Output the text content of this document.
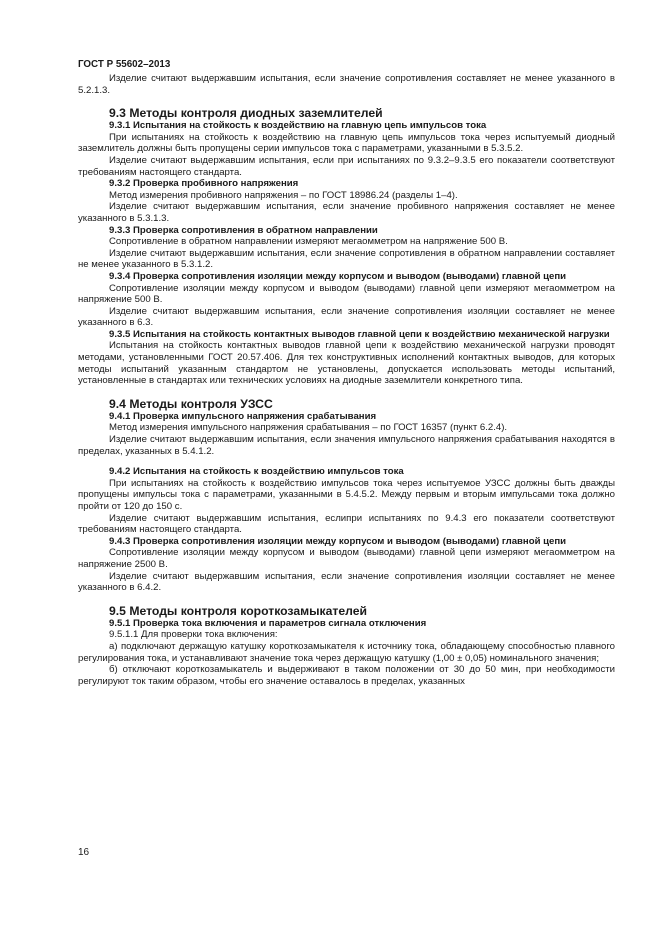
ГОСТ Р 55602–2013

Изделие считают выдержавшим испытания, если значение сопротивления составляет не менее указанного в 5.2.1.3.

9.3 Методы контроля диодных заземлителей

9.3.1 Испытания на стойкость к воздействию на главную цепь импульсов тока

При испытаниях на стойкость к воздействию на главную цепь импульсов тока через испытуемый диодный заземлитель должны быть пропущены серии импульсов тока с параметрами, указанными в 5.3.5.2.

Изделие считают выдержавшим испытания, если при испытаниях по 9.3.2–9.3.5 его показатели соответствуют требованиям настоящего стандарта.

9.3.2 Проверка пробивного напряжения

Метод измерения пробивного напряжения – по ГОСТ 18986.24 (разделы 1–4).

Изделие считают выдержавшим испытания, если значение пробивного напряжения составляет не менее указанного в 5.3.1.3.

9.3.3 Проверка сопротивления в обратном направлении

Сопротивление в обратном направлении измеряют мегаомметром на напряжение 500 В.

Изделие считают выдержавшим испытания, если значение сопротивления в обратном направлении составляет не менее указанного в 5.3.1.2.

9.3.4 Проверка сопротивления изоляции между корпусом и выводом (выводами) главной цепи

Сопротивление изоляции между корпусом и выводом (выводами) главной цепи измеряют мегаомметром на напряжение 500 В.

Изделие считают выдержавшим испытания, если значение сопротивления изоляции составляет не менее указанного в 6.3.

9.3.5 Испытания на стойкость контактных выводов главной цепи к воздействию механической нагрузки

Испытания на стойкость контактных выводов главной цепи к воздействию механической нагрузки проводят методами, установленными ГОСТ 20.57.406. Для тех конструктивных исполнений контактных выводов, для которых методы испытаний указанным стандартом не установлены, допускается использовать методы испытаний, установленные в стандартах или технических условиях на диодные заземлители конкретного типа.

9.4 Методы контроля УЗСС

9.4.1 Проверка импульсного напряжения срабатывания

Метод измерения импульсного напряжения срабатывания – по ГОСТ 16357 (пункт 6.2.4).

Изделие считают выдержавшим испытания, если значения импульсного напряжения срабатывания находятся в пределах, указанных в 5.4.1.2.

9.4.2 Испытания на стойкость к воздействию импульсов тока

При испытаниях на стойкость к воздействию импульсов тока через испытуемое УЗСС должны быть дважды пропущены импульсы тока с параметрами, указанными в 5.4.5.2. Между первым и вторым импульсами тока должно пройти от 120 до 150 с.

Изделие считают выдержавшим испытания, еслипри испытаниях по 9.4.3 его показатели соответствуют требованиям настоящего стандарта.

9.4.3 Проверка сопротивления изоляции между корпусом и выводом (выводами) главной цепи

Сопротивление изоляции между корпусом и выводом (выводами) главной цепи измеряют мегаомметром на напряжение 2500 В.

Изделие считают выдержавшим испытания, если значение сопротивления изоляции составляет не менее указанного в 6.4.2.

9.5 Методы контроля короткозамыкателей

9.5.1 Проверка тока включения и параметров сигнала отключения

9.5.1.1 Для проверки тока включения:

а) подключают держащую катушку короткозамыкателя к источнику тока, обладающему способностью плавного регулирования тока, и устанавливают значение тока через держащую катушку (1,00 ± 0,05) номинального значения;

б) отключают короткозамыкатель и выдерживают в таком положении от 30 до 50 мин, при необходимости регулируют ток таким образом, чтобы его значение оставалось в пределах, указанных

16
